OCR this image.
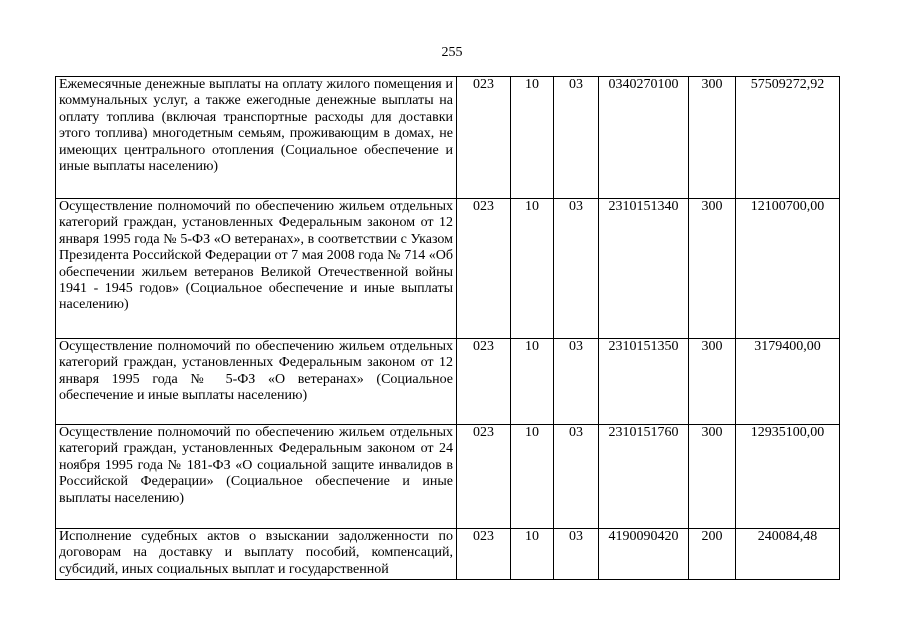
255
Ежемесячные денежные выплаты на оплату жилого помещения и коммунальных услуг, а также ежегодные денежные выплаты на оплату топлива (включая транспортные расходы для доставки этого топлива) многодетным семьям, проживающим в домах, не имеющих центрального отопления (Социальное обеспечение и иные выплаты населению)	023	10	03	0340270100	300	57509272,92

Осуществление полномочий по обеспечению жильем отдельных категорий граждан, установленных Федеральным законом от 12 января 1995 года № 5-ФЗ «О ветеранах», в соответствии с Указом Президента Российской Федерации от 7 мая 2008 года № 714 «Об обеспечении жильем ветеранов Великой Отечественной войны 1941 - 1945 годов» (Социальное обеспечение и иные выплаты населению)	023	10	03	2310151340	300	12100700,00

Осуществление полномочий по обеспечению жильем отдельных категорий граждан, установленных Федеральным законом от 12 января 1995 года № 5-ФЗ «О ветеранах» (Социальное обеспечение и иные выплаты населению)	023	10	03	2310151350	300	3179400,00

Осуществление полномочий по обеспечению жильем отдельных категорий граждан, установленных Федеральным законом от 24 ноября 1995 года № 181-ФЗ «О социальной защите инвалидов в Российской Федерации» (Социальное обеспечение и иные выплаты населению)	023	10	03	2310151760	300	12935100,00

Исполнение судебных актов о взыскании задолженности по договорам на доставку и выплату пособий, компенсаций, субсидий, иных социальных выплат и государственной	023	10	03	4190090420	200	240084,48
